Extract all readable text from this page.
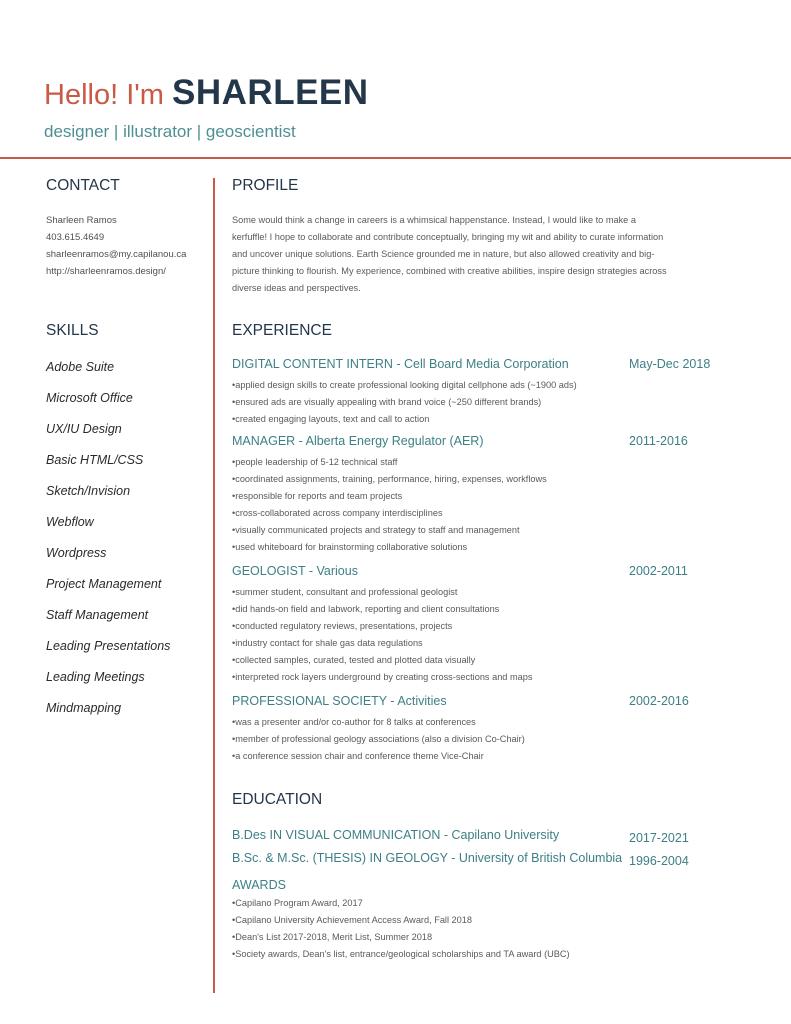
Hello! I'm SHARLEEN
designer | illustrator | geoscientist
CONTACT
Sharleen Ramos
403.615.4649
sharleenramos@my.capilanou.ca
http://sharleenramos.design/
SKILLS
Adobe Suite
Microsoft Office
UX/IU Design
Basic HTML/CSS
Sketch/Invision
Webflow
Wordpress
Project Management
Staff Management
Leading Presentations
Leading Meetings
Mindmapping
PROFILE
Some would think a change in careers is a whimsical happenstance. Instead, I would like to make a kerfuffle! I hope to collaborate and contribute conceptually, bringing my wit and ability to curate information and uncover unique solutions. Earth Science grounded me in nature, but also allowed creativity and big-picture thinking to flourish. My experience, combined with creative abilities, inspire design strategies across diverse ideas and perspectives.
EXPERIENCE
DIGITAL CONTENT INTERN - Cell Board Media Corporation	May-Dec 2018
• applied design skills to create professional looking digital cellphone ads (~1900 ads)
• ensured ads are visually appealing with brand voice (~250 different brands)
• created engaging layouts, text and call to action
MANAGER - Alberta Energy Regulator (AER)	2011-2016
• people leadership of 5-12 technical staff
• coordinated assignments, training, performance, hiring, expenses, workflows
• responsible for reports and team projects
• cross-collaborated across company interdisciplines
• visually communicated projects and strategy to staff and management
• used whiteboard for brainstorming collaborative solutions
GEOLOGIST - Various	2002-2011
• summer student, consultant and professional geologist
• did hands-on field and labwork, reporting and client consultations
• conducted regulatory reviews, presentations, projects
• industry contact for shale gas data regulations
• collected samples, curated, tested and plotted data visually
• interpreted rock layers underground by creating cross-sections and maps
PROFESSIONAL SOCIETY - Activities	2002-2016
• was a presenter and/or co-author for 8 talks at conferences
• member of professional geology associations (also a division Co-Chair)
• a conference session chair and conference theme Vice-Chair
EDUCATION
B.Des IN VISUAL COMMUNICATION - Capilano University	2017-2021
B.Sc. & M.Sc. (THESIS) IN GEOLOGY - University of British Columbia 1996-2004
AWARDS
• Capilano Program Award, 2017
• Capilano University Achievement Access Award, Fall 2018
• Dean's List 2017-2018, Merit List, Summer 2018
• Society awards, Dean's list, entrance/geological scholarships and TA award (UBC)
